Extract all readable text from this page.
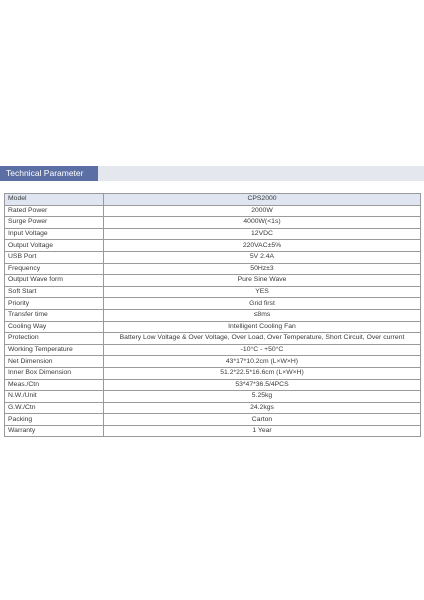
Technical Parameter
Model	CPS2000
Rated Power	2000W
Surge Power	4000W(<1s)
Input Voltage	12VDC
Output Voltage	220VAC±5%
USB Port	5V 2.4A
Frequency	50Hz±3
Output Wave form	Pure Sine Wave
Soft Start	YES
Priority	Grid first
Transfer time	≤8ms
Cooling Way	Intelligent Cooling Fan
Protection	Battery Low Voltage & Over Voltage, Over Load, Over Temperature, Short Circuit, Over current
Working Temperature	-10°C - +50°C
Net Dimension	43*17*10.2cm (L×W×H)
Inner Box Dimension	51.2*22.5*16.6cm (L×W×H)
Meas./Ctn	53*47*36.5/4PCS
N.W./Unit	5.25kg
G.W./Ctn	24.2kgs
Packing	Carton
Warranty	1 Year
